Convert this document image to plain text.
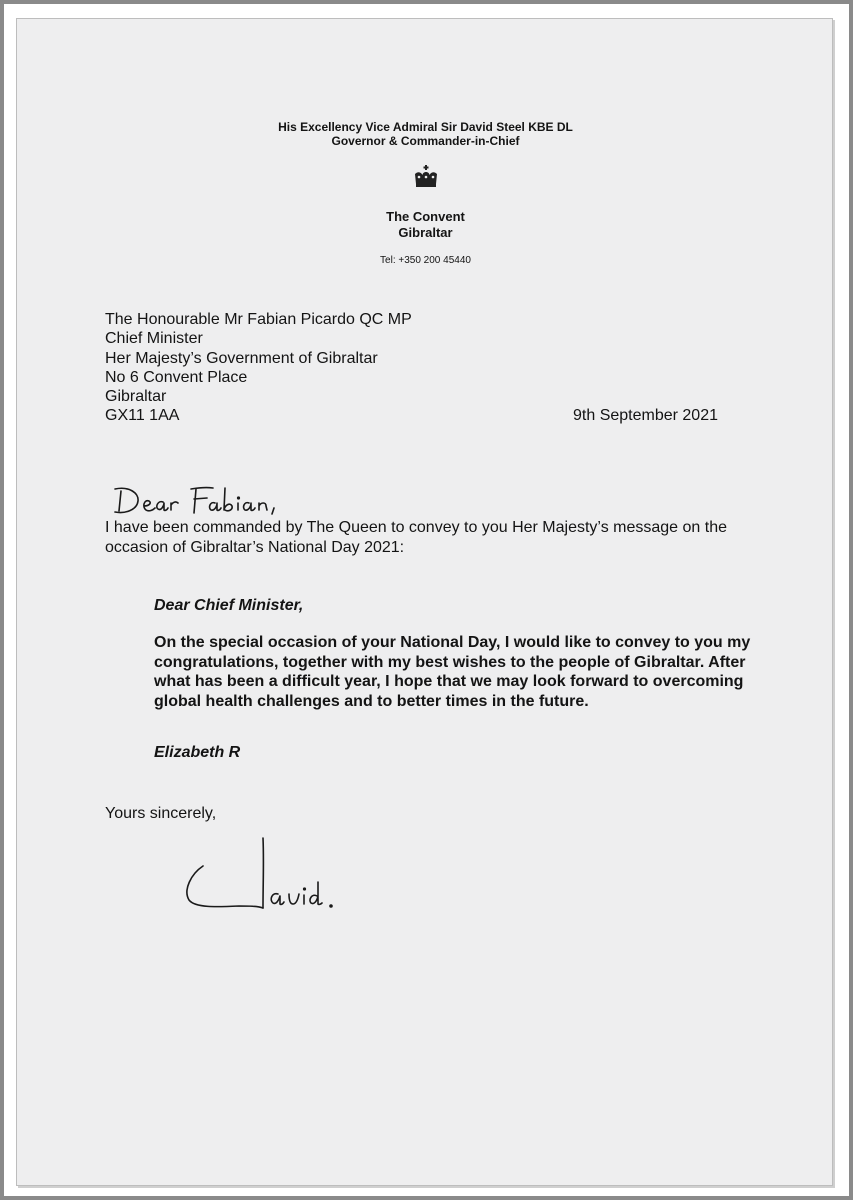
His Excellency Vice Admiral Sir David Steel KBE DL
Governor & Commander-in-Chief
The Convent
Gibraltar
Tel: +350 200 45440
The Honourable Mr Fabian Picardo QC MP
Chief Minister
Her Majesty’s Government of Gibraltar
No 6 Convent Place
Gibraltar
GX11 1AA	9th September 2021
I have been commanded by The Queen to convey to you Her Majesty’s message on the occasion of Gibraltar’s National Day 2021:
Dear Chief Minister,
On the special occasion of your National Day, I would like to convey to you my congratulations, together with my best wishes to the people of Gibraltar. After what has been a difficult year, I hope that we may look forward to overcoming global health challenges and to better times in the future.
Elizabeth R
Yours sincerely,
